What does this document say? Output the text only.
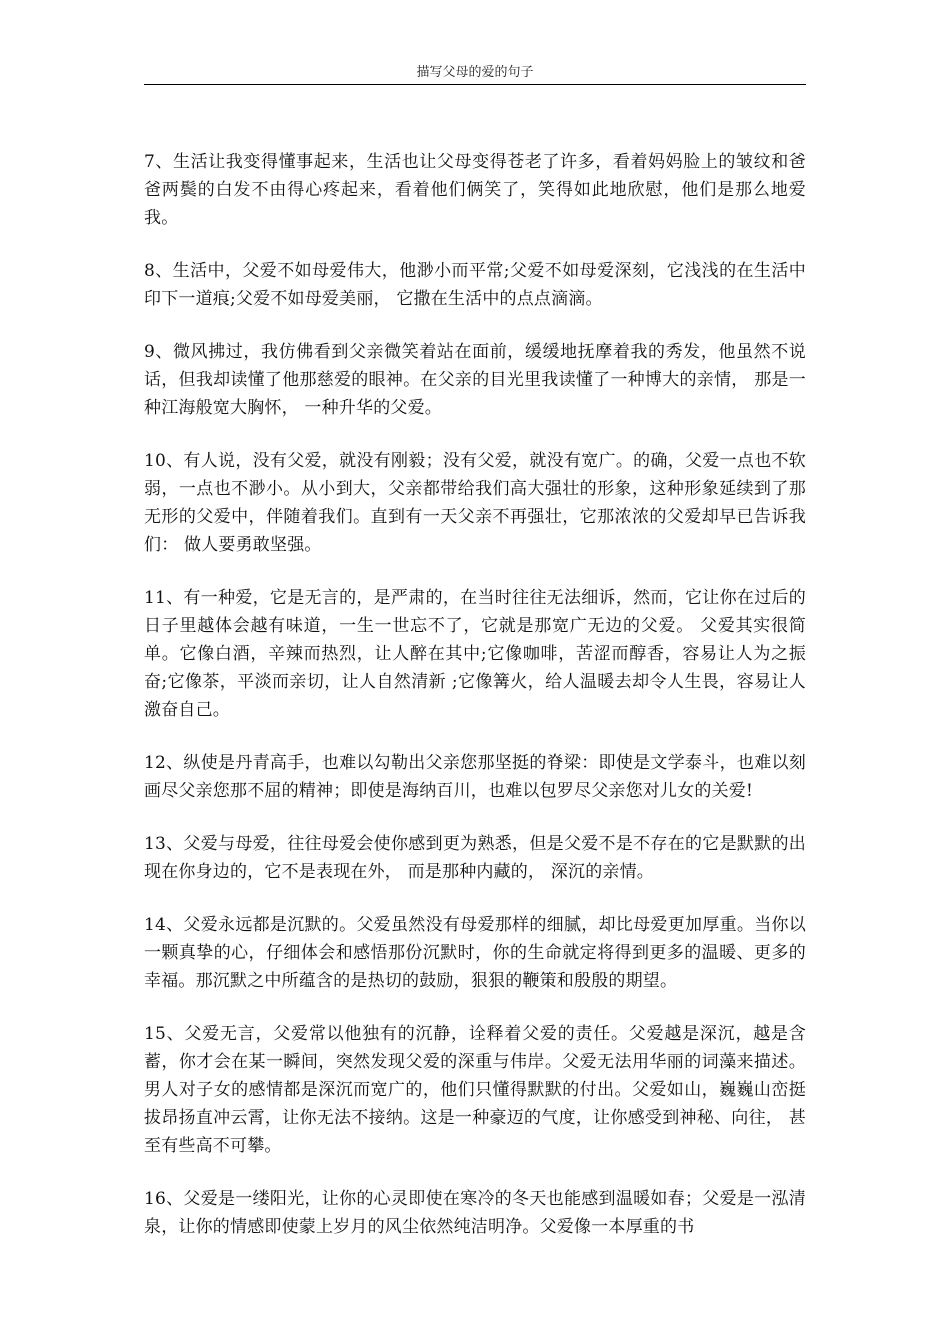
描写父母的爱的句子

7、生活让我变得懂事起来，生活也让父母变得苍老了许多，看着妈妈脸上的皱纹和爸爸两鬓的白发不由得心疼起来，看着他们俩笑了，笑得如此地欣慰，他们是那么地爱我。

8、生活中，父爱不如母爱伟大，他渺小而平常;父爱不如母爱深刻，它浅浅的在生活中印下一道痕;父爱不如母爱美丽， 它撒在生活中的点点滴滴。

9、微风拂过，我仿佛看到父亲微笑着站在面前，缓缓地抚摩着我的秀发，他虽然不说话，但我却读懂了他那慈爱的眼神。在父亲的目光里我读懂了一种博大的亲情， 那是一种江海般宽大胸怀， 一种升华的父爱。

10、有人说，没有父爱，就没有刚毅；没有父爱，就没有宽广。的确，父爱一点也不软弱，一点也不渺小。从小到大，父亲都带给我们高大强壮的形象，这种形象延续到了那无形的父爱中，伴随着我们。直到有一天父亲不再强壮，它那浓浓的父爱却早已告诉我们： 做人要勇敢坚强。

11、有一种爱，它是无言的，是严肃的，在当时往往无法细诉，然而，它让你在过后的日子里越体会越有味道，一生一世忘不了，它就是那宽广无边的父爱。 父爱其实很简单。它像白酒，辛辣而热烈，让人醉在其中;它像咖啡，苦涩而醇香，容易让人为之振奋;它像茶，平淡而亲切，让人自然清新 ;它像篝火，给人温暖去却令人生畏，容易让人激奋自己。

12、纵使是丹青高手，也难以勾勒出父亲您那坚挺的脊梁：即使是文学泰斗，也难以刻画尽父亲您那不屈的精神；即使是海纳百川，也难以包罗尽父亲您对儿女的关爱!

13、父爱与母爱，往往母爱会使你感到更为熟悉，但是父爱不是不存在的它是默默的出现在你身边的，它不是表现在外， 而是那种内藏的， 深沉的亲情。

14、父爱永远都是沉默的。父爱虽然没有母爱那样的细腻，却比母爱更加厚重。当你以一颗真挚的心，仔细体会和感悟那份沉默时，你的生命就定将得到更多的温暖、更多的幸福。那沉默之中所蕴含的是热切的鼓励，狠狠的鞭策和殷殷的期望。

15、父爱无言，父爱常以他独有的沉静，诠释着父爱的责任。父爱越是深沉，越是含蓄，你才会在某一瞬间，突然发现父爱的深重与伟岸。父爱无法用华丽的词藻来描述。男人对子女的感情都是深沉而宽广的，他们只懂得默默的付出。父爱如山，巍巍山峦挺拔昂扬直冲云霄，让你无法不接纳。这是一种豪迈的气度，让你感受到神秘、向往， 甚至有些高不可攀。

16、父爱是一缕阳光，让你的心灵即使在寒冷的冬天也能感到温暖如春；父爱是一泓清泉，让你的情感即使蒙上岁月的风尘依然纯洁明净。父爱像一本厚重的书
